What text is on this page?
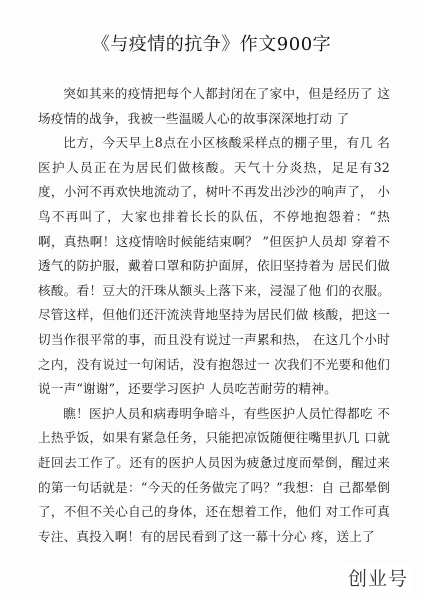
《与疫情的抗争》作文900字

突如其来的疫情把每个人都封闭在了家中，但是经历了 这场疫情的战争，我被一些温暖人心的故事深深地打动 了

比方，今天早上8点在小区核酸采样点的棚子里，有几 名医护人员正在为居民们做核酸。天气十分炎热，足足有32 度，小河不再欢快地流动了，树叶不再发出沙沙的响声了， 小鸟不再叫了，大家也排着长长的队伍，不停地抱怨着：“热啊，真热啊！这疫情啥时候能结束啊？ ”但医护人员却 穿着不透气的防护服，戴着口罩和防护面屏，依旧坚持着为 居民们做核酸。看！豆大的汗珠从额头上落下来，浸湿了他 们的衣服。尽管这样，但他们还汗流浃背地坚持为居民们做 核酸，把这一切当作很平常的事，而且没有说过一声累和热， 在这几个小时之内，没有说过一句闲话，没有抱怨过一 次我们不光要和他们说一声“谢谢”，还要学习医护 人员吃苦耐劳的精神。

瞧！医护人员和病毒明争暗斗，有些医护人员忙得都吃 不上热乎饭，如果有紧急任务，只能把凉饭随便往嘴里扒几 口就赶回去工作了。还有的医护人员因为疲惫过度而晕倒，醒过来的第一句话就是：“今天的任务做完了吗？”我想：自 己都晕倒了，不但不关心自己的身体，还在想着工作，他们 对工作可真专注、真投入啊！有的居民看到了这一幕十分心 疼，送上了

创业号
